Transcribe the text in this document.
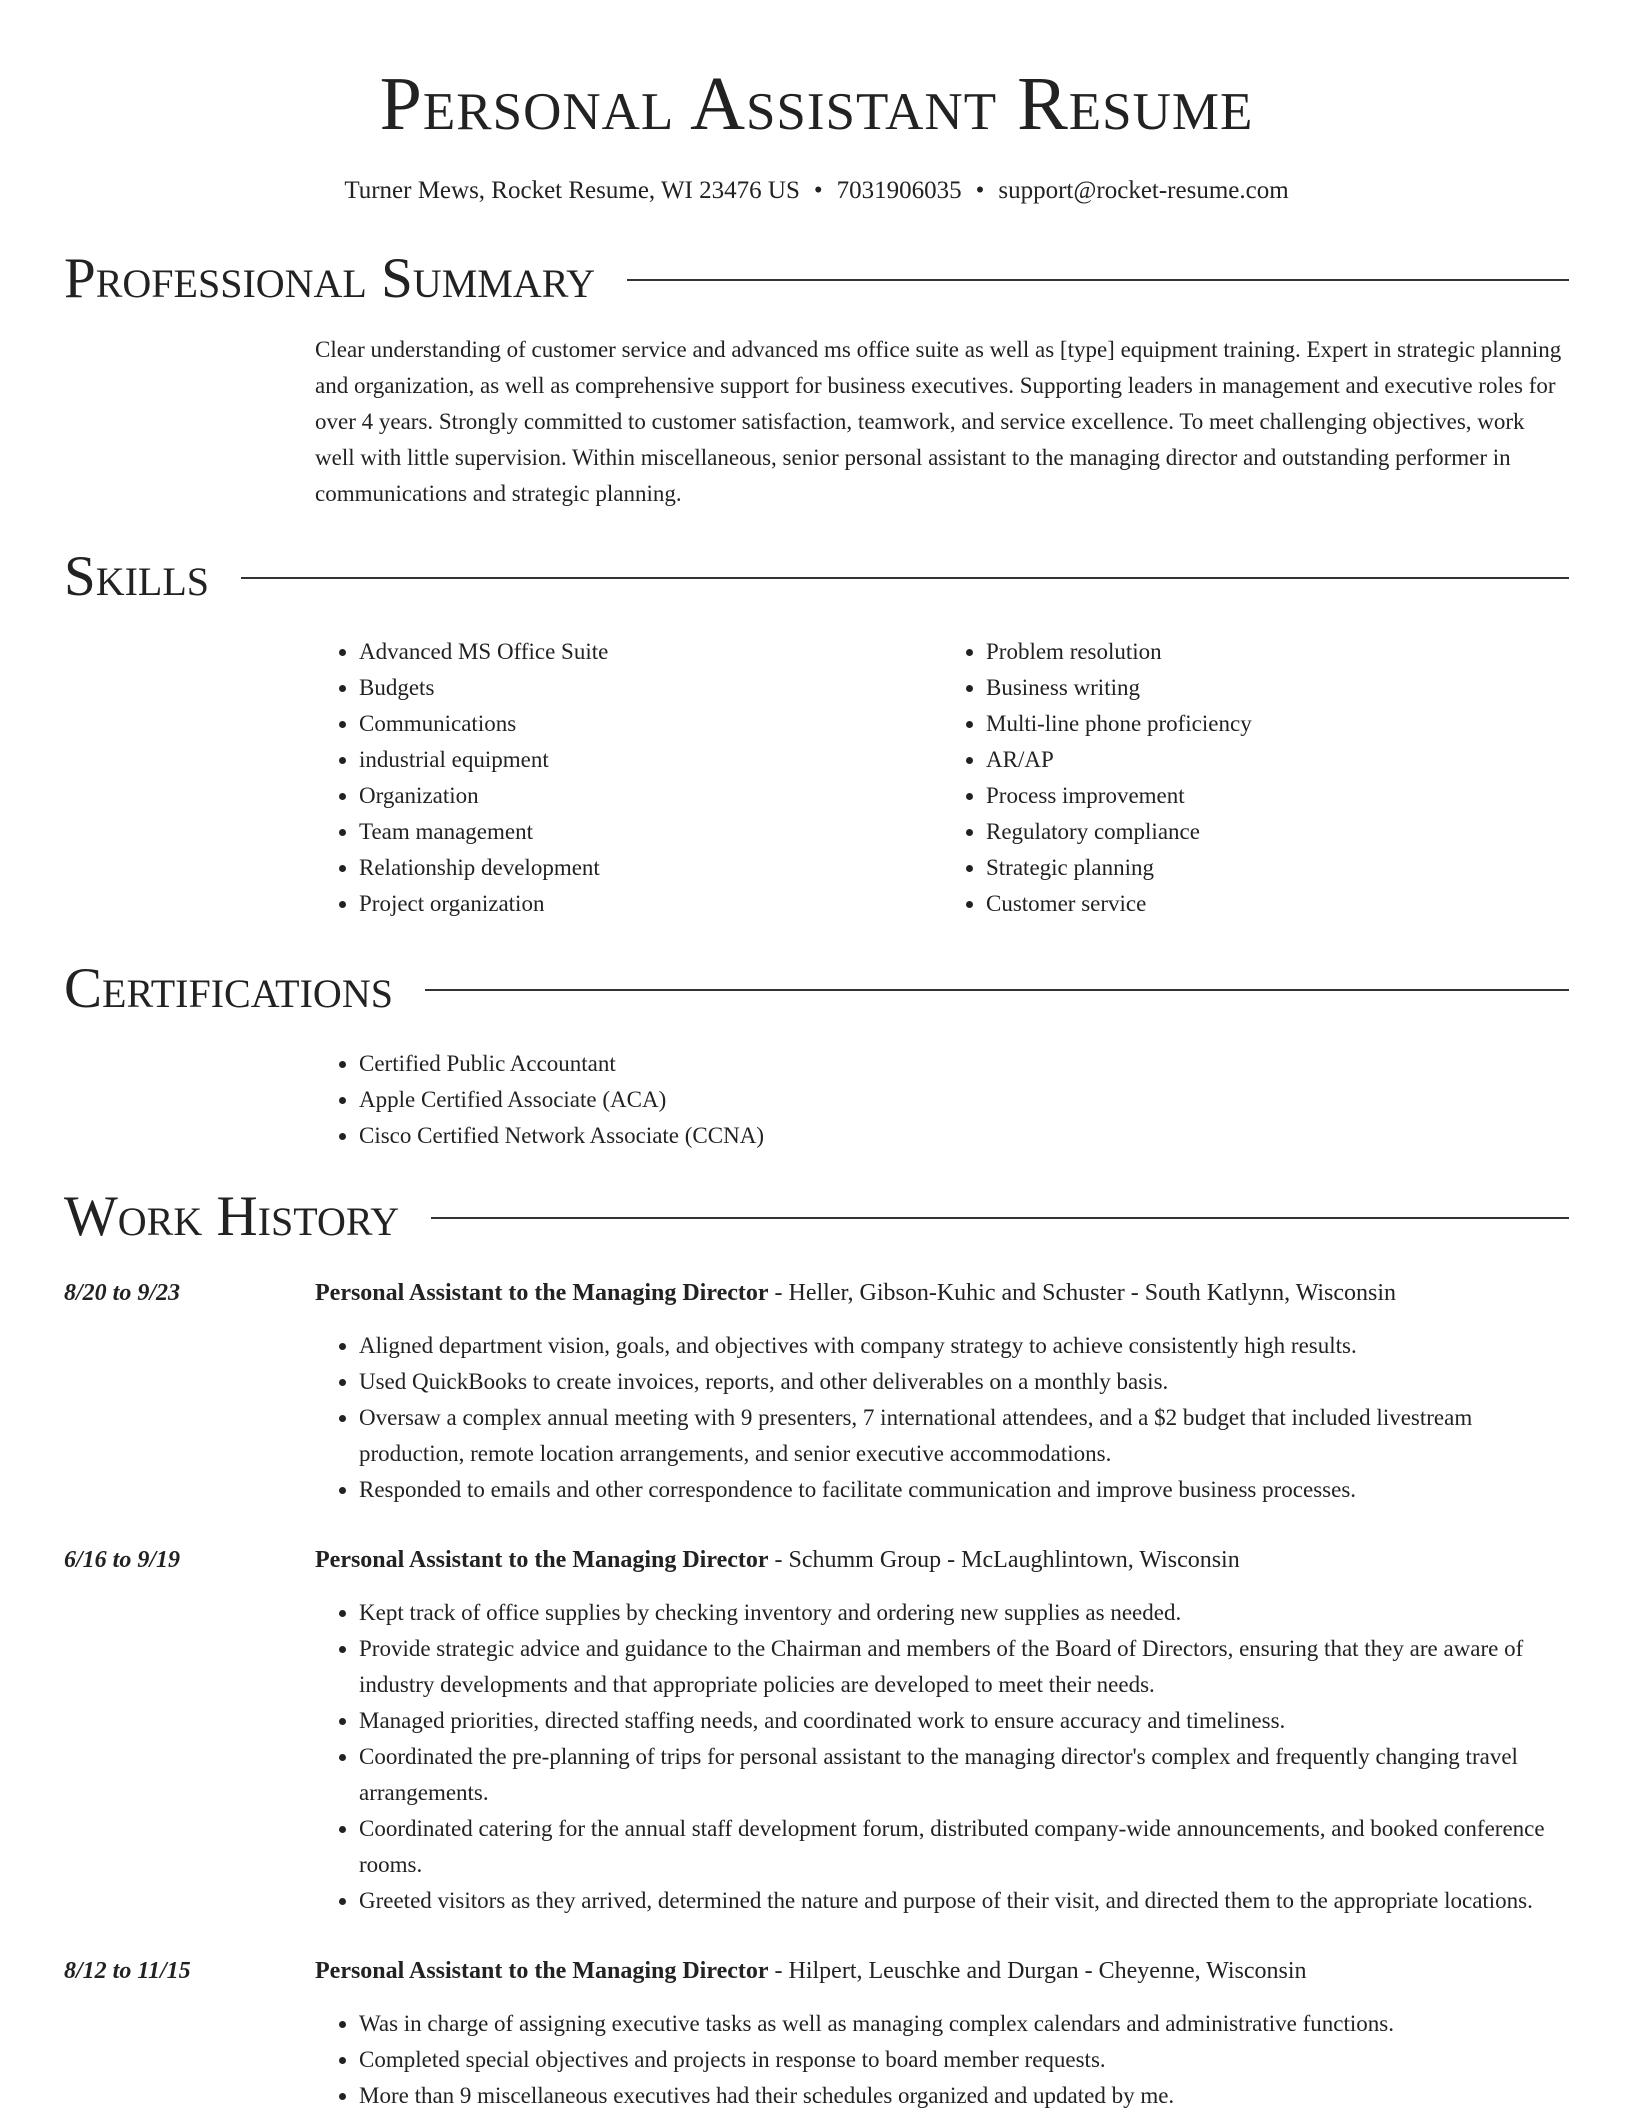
Personal Assistant Resume
Turner Mews, Rocket Resume, WI 23476 US • 7031906035 • support@rocket-resume.com
Professional Summary
Clear understanding of customer service and advanced ms office suite as well as [type] equipment training. Expert in strategic planning and organization, as well as comprehensive support for business executives. Supporting leaders in management and executive roles for over 4 years. Strongly committed to customer satisfaction, teamwork, and service excellence. To meet challenging objectives, work well with little supervision. Within miscellaneous, senior personal assistant to the managing director and outstanding performer in communications and strategic planning.
Skills
• Advanced MS Office Suite
• Budgets
• Communications
• industrial equipment
• Organization
• Team management
• Relationship development
• Project organization
• Problem resolution
• Business writing
• Multi-line phone proficiency
• AR/AP
• Process improvement
• Regulatory compliance
• Strategic planning
• Customer service
Certifications
• Certified Public Accountant
• Apple Certified Associate (ACA)
• Cisco Certified Network Associate (CCNA)
Work History
8/20 to 9/23	Personal Assistant to the Managing Director - Heller, Gibson-Kuhic and Schuster - South Katlynn, Wisconsin
• Aligned department vision, goals, and objectives with company strategy to achieve consistently high results.
• Used QuickBooks to create invoices, reports, and other deliverables on a monthly basis.
• Oversaw a complex annual meeting with 9 presenters, 7 international attendees, and a $2 budget that included livestream production, remote location arrangements, and senior executive accommodations.
• Responded to emails and other correspondence to facilitate communication and improve business processes.
6/16 to 9/19	Personal Assistant to the Managing Director - Schumm Group - McLaughlintown, Wisconsin
• Kept track of office supplies by checking inventory and ordering new supplies as needed.
• Provide strategic advice and guidance to the Chairman and members of the Board of Directors, ensuring that they are aware of industry developments and that appropriate policies are developed to meet their needs.
• Managed priorities, directed staffing needs, and coordinated work to ensure accuracy and timeliness.
• Coordinated the pre-planning of trips for personal assistant to the managing director's complex and frequently changing travel arrangements.
• Coordinated catering for the annual staff development forum, distributed company-wide announcements, and booked conference rooms.
• Greeted visitors as they arrived, determined the nature and purpose of their visit, and directed them to the appropriate locations.
8/12 to 11/15	Personal Assistant to the Managing Director - Hilpert, Leuschke and Durgan - Cheyenne, Wisconsin
• Was in charge of assigning executive tasks as well as managing complex calendars and administrative functions.
• Completed special objectives and projects in response to board member requests.
• More than 9 miscellaneous executives had their schedules organized and updated by me.
